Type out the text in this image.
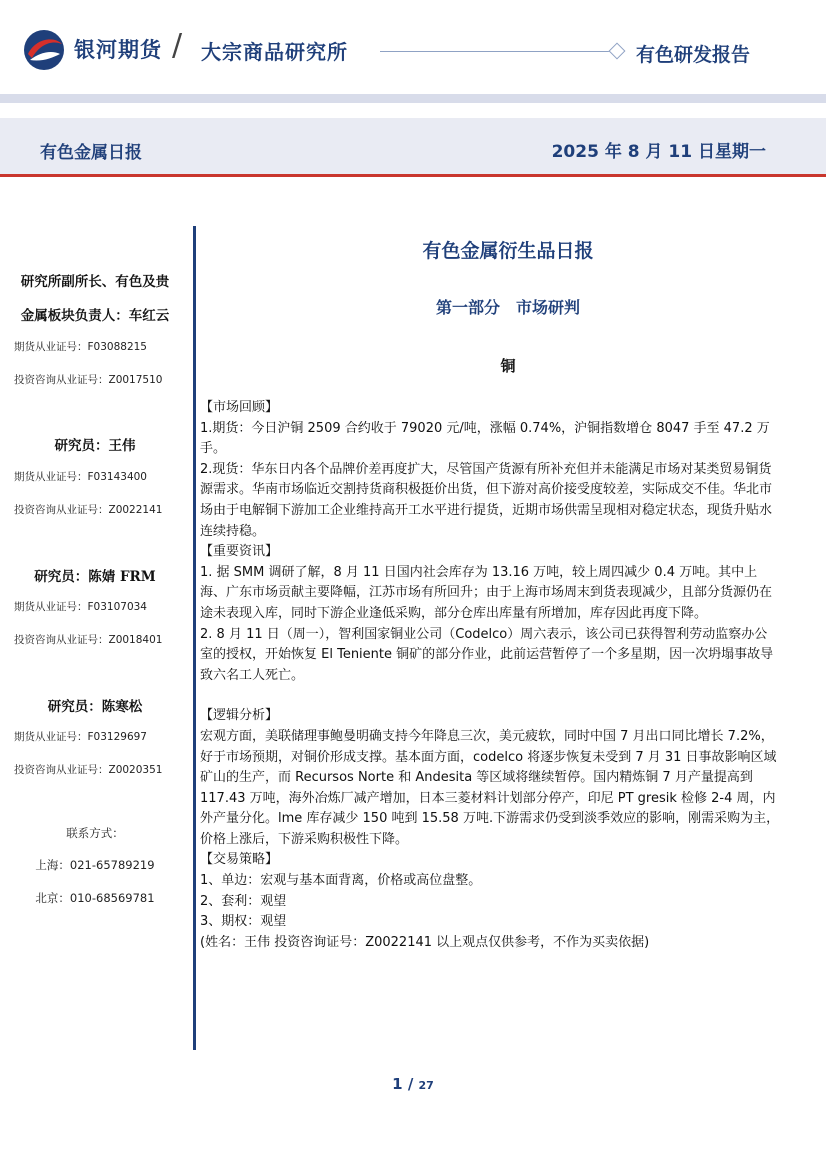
银河期货 / 大宗商品研究所	有色研发报告
有色金属日报	2025 年 8 月 11 日星期一
研究所副所长、有色及贵
金属板块负责人：车红云
期货从业证号：F03088215
投资咨询从业证号：Z0017510
研究员：王伟
期货从业证号：F03143400
投资咨询从业证号：Z0022141
研究员：陈婧 FRM
期货从业证号：F03107034
投资咨询从业证号：Z0018401
研究员：陈寒松
期货从业证号：F03129697
投资咨询从业证号：Z0020351
联系方式：
上海：021-65789219
北京：010-68569781
有色金属衍生品日报
第一部分　市场研判
铜

【市场回顾】

1.期货：今日沪铜 2509 合约收于 79020 元/吨，涨幅 0.74%，沪铜指数增仓 8047 手至 47.2 万手。

2.现货：华东日内各个品牌价差再度扩大，尽管国产货源有所补充但并未能满足市场对某类贸易铜货源需求。华南市场临近交割持货商积极挺价出货，但下游对高价接受度较差，实际成交不佳。华北市场由于电解铜下游加工企业维持高开工水平进行提货，近期市场供需呈现相对稳定状态，现货升贴水连续持稳。

【重要资讯】

1. 据 SMM 调研了解，8 月 11 日国内社会库存为 13.16 万吨，较上周四减少 0.4 万吨。其中上海、广东市场贡献主要降幅，江苏市场有所回升；由于上海市场周末到货表现减少，且部分货源仍在途未表现入库，同时下游企业逢低采购，部分仓库出库量有所增加，库存因此再度下降。

2. 8 月 11 日（周一），智利国家铜业公司（Codelco）周六表示，该公司已获得智利劳动监察办公室的授权，开始恢复 El Teniente 铜矿的部分作业，此前运营暂停了一个多星期，因一次坍塌事故导致六名工人死亡。

【逻辑分析】

宏观方面，美联储理事鲍曼明确支持今年降息三次，美元疲软，同时中国 7 月出口同比增长 7.2%，好于市场预期，对铜价形成支撑。基本面方面，codelco 将逐步恢复未受到 7 月 31 日事故影响区域矿山的生产，而 Recursos Norte 和 Andesita 等区域将继续暂停。国内精炼铜 7 月产量提高到 117.43 万吨，海外冶炼厂减产增加，日本三菱材料计划部分停产，印尼 PT gresik 检修 2-4 周，内外产量分化。lme 库存减少 150 吨到 15.58 万吨.下游需求仍受到淡季效应的影响，刚需采购为主，价格上涨后，下游采购积极性下降。

【交易策略】

1、单边：宏观与基本面背离，价格或高位盘整。

2、套利：观望

3、期权：观望

(姓名：王伟 投资咨询证号：Z0022141 以上观点仅供参考，不作为买卖依据)

1 / 27
